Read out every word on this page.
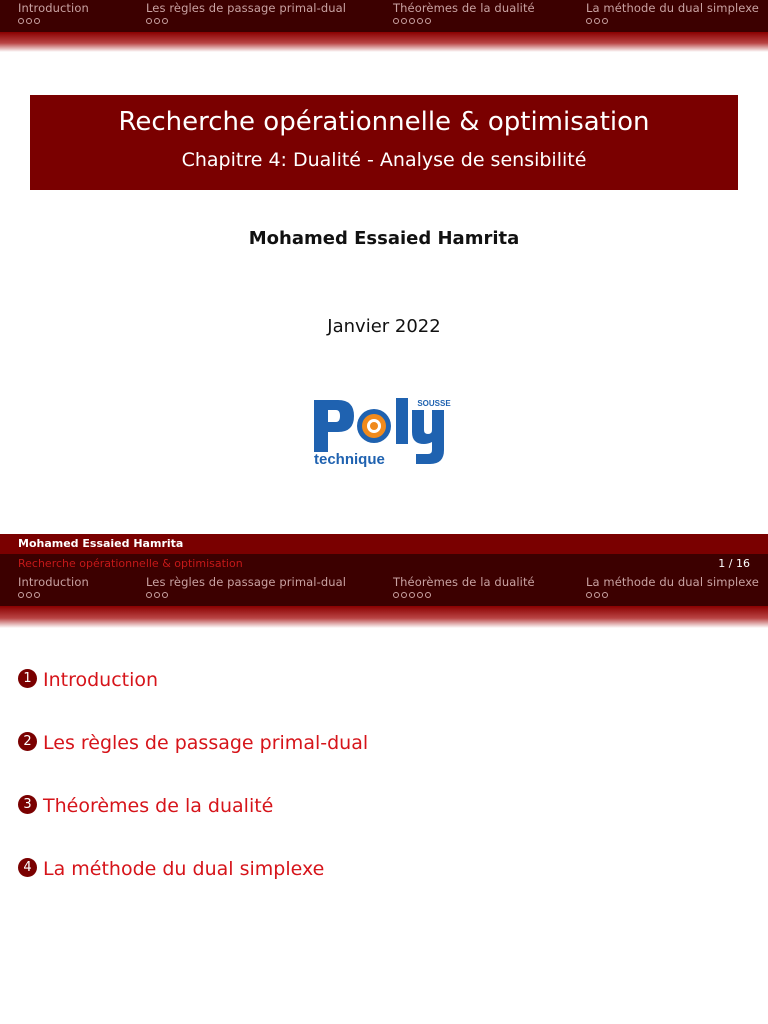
Introduction	Les règles de passage primal-dual	Théorèmes de la dualité	La méthode du dual simplexe
Recherche opérationnelle & optimisation
Chapitre 4: Dualité - Analyse de sensibilité
Mohamed Essaied Hamrita
Janvier 2022
SOUSSE
technique
Mohamed Essaied Hamrita
Recherche opérationnelle & optimisation	1 / 16
Introduction	Les règles de passage primal-dual	Théorèmes de la dualité	La méthode du dual simplexe
1 Introduction
2 Les règles de passage primal-dual
3 Théorèmes de la dualité
4 La méthode du dual simplexe
